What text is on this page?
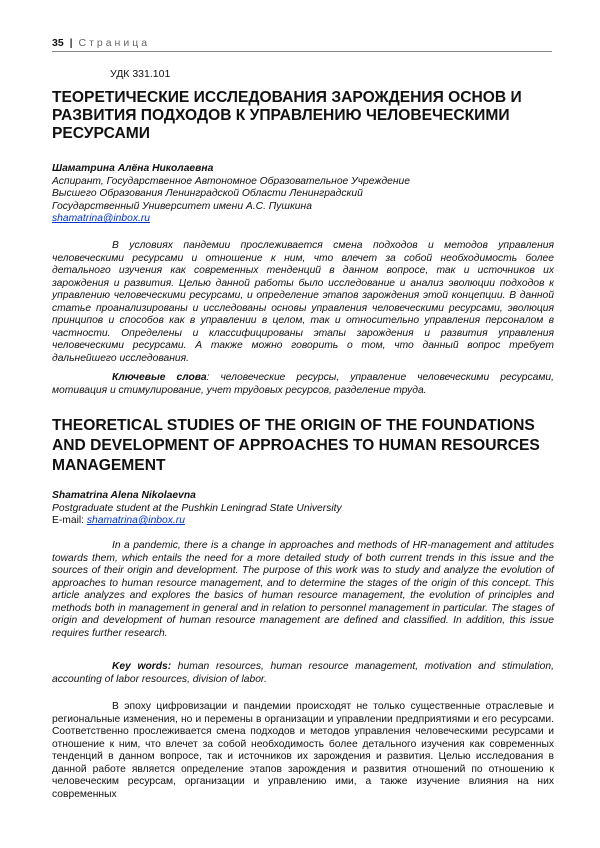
35 | Страница
УДК 331.101
ТЕОРЕТИЧЕСКИЕ ИССЛЕДОВАНИЯ ЗАРОЖДЕНИЯ ОСНОВ И РАЗВИТИЯ ПОДХОДОВ К УПРАВЛЕНИЮ ЧЕЛОВЕЧЕСКИМИ РЕСУРСАМИ
Шаматрина Алёна Николаевна
Аспирант, Государственное Автономное Образовательное Учреждение
Высшего Образования Ленинградской Области Ленинградский
Государственный Университет имени А.С. Пушкина
shamatrina@inbox.ru

В условиях пандемии прослеживается смена подходов и методов управления человеческими ресурсами и отношение к ним, что влечет за собой необходимость более детального изучения как современных тенденций в данном вопросе, так и источников их зарождения и развития. Целью данной работы было исследование и анализ эволюции подходов к управлению человеческими ресурсами, и определение этапов зарождения этой концепции. В данной статье проанализированы и исследованы основы управления человеческими ресурсами, эволюция принципов и способов как в управлении в целом, так и относительно управления персоналом в частности. Определены и классифицированы этапы зарождения и развития управления человеческими ресурсами. А также можно говорить о том, что данный вопрос требует дальнейшего исследования.

Ключевые слова: человеческие ресурсы, управление человеческими ресурсами, мотивация и стимулирование, учет трудовых ресурсов, разделение труда.

THEORETICAL STUDIES OF THE ORIGIN OF THE FOUNDATIONS AND DEVELOPMENT OF APPROACHES TO HUMAN RESOURCES MANAGEMENT
Shamatrina Alena Nikolaevna
Postgraduate student at the Pushkin Leningrad State University
E-mail: shamatrina@inbox.ru

In a pandemic, there is a change in approaches and methods of HR-management and attitudes towards them, which entails the need for a more detailed study of both current trends in this issue and the sources of their origin and development. The purpose of this work was to study and analyze the evolution of approaches to human resource management, and to determine the stages of the origin of this concept. This article analyzes and explores the basics of human resource management, the evolution of principles and methods both in management in general and in relation to personnel management in particular. The stages of origin and development of human resource management are defined and classified. In addition, this issue requires further research.

Key words: human resources, human resource management, motivation and stimulation, accounting of labor resources, division of labor.

В эпоху цифровизации и пандемии происходят не только существенные отраслевые и региональные изменения, но и перемены в организации и управлении предприятиями и его ресурсами. Соответственно прослеживается смена подходов и методов управления человеческими ресурсами и отношение к ним, что влечет за собой необходимость более детального изучения как современных тенденций в данном вопросе, так и источников их зарождения и развития. Целью исследования в данной работе является определение этапов зарождения и развития отношений по отношению к человеческим ресурсам, организации и управлению ими, а также изучение влияния на них современных
